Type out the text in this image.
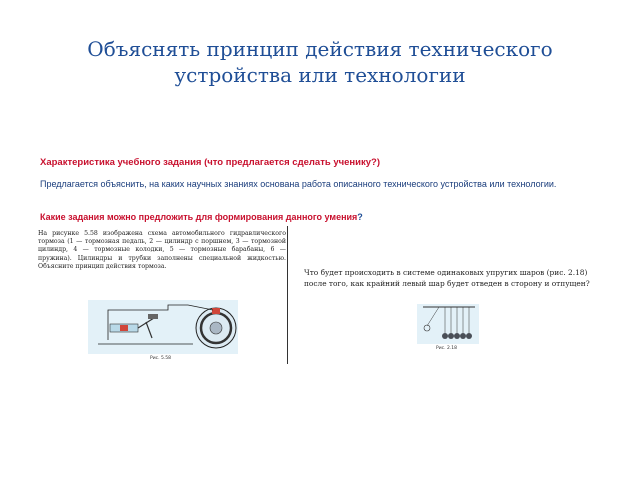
Объяснять принцип действия технического устройства или технологии
Характеристика учебного задания (что предлагается сделать ученику?)
Предлагается объяснить, на каких научных знаниях основана работа описанного технического устройства или технологии.
Какие задания можно предложить для формирования данного умения?
На рисунке 5.58 изображена схема автомобильного гидравлического тормоза (1 — тормозная педаль, 2 — цилиндр с поршнем, 3 — тормозной цилиндр, 4 — тормозные колодки, 5 — тормозные барабаны, 6 — пружина). Цилиндры и трубки заполнены специальной жидкостью. Объясните принцип действия тормоза.
Рис. 5.58
Что будет происходить в системе одинаковых упругих шаров (рис. 2.18) после того, как крайний левый шар будет отведен в сторону и отпущен?
Рис. 2.18
